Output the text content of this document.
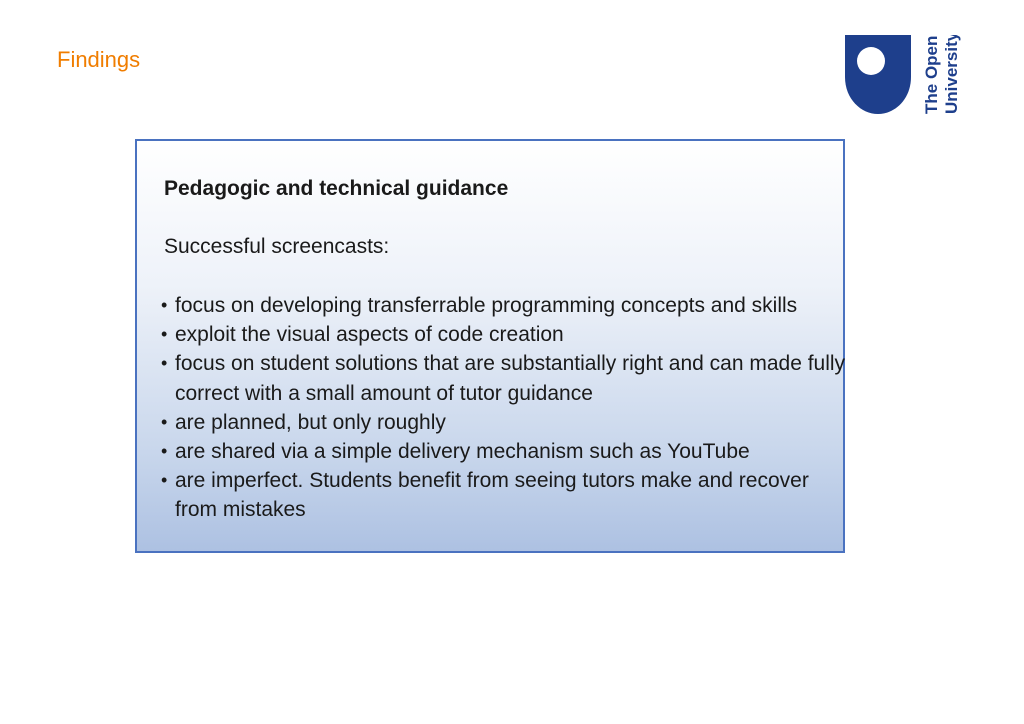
Findings	The Open University
Pedagogic and technical guidance
Successful screencasts:
• focus on developing transferrable programming concepts and skills
• exploit the visual aspects of code creation
• focus on student solutions that are substantially right and can made fully correct with a small amount of tutor guidance
• are planned, but only roughly
• are shared via a simple delivery mechanism such as YouTube
• are imperfect. Students benefit from seeing tutors make and recover from mistakes
